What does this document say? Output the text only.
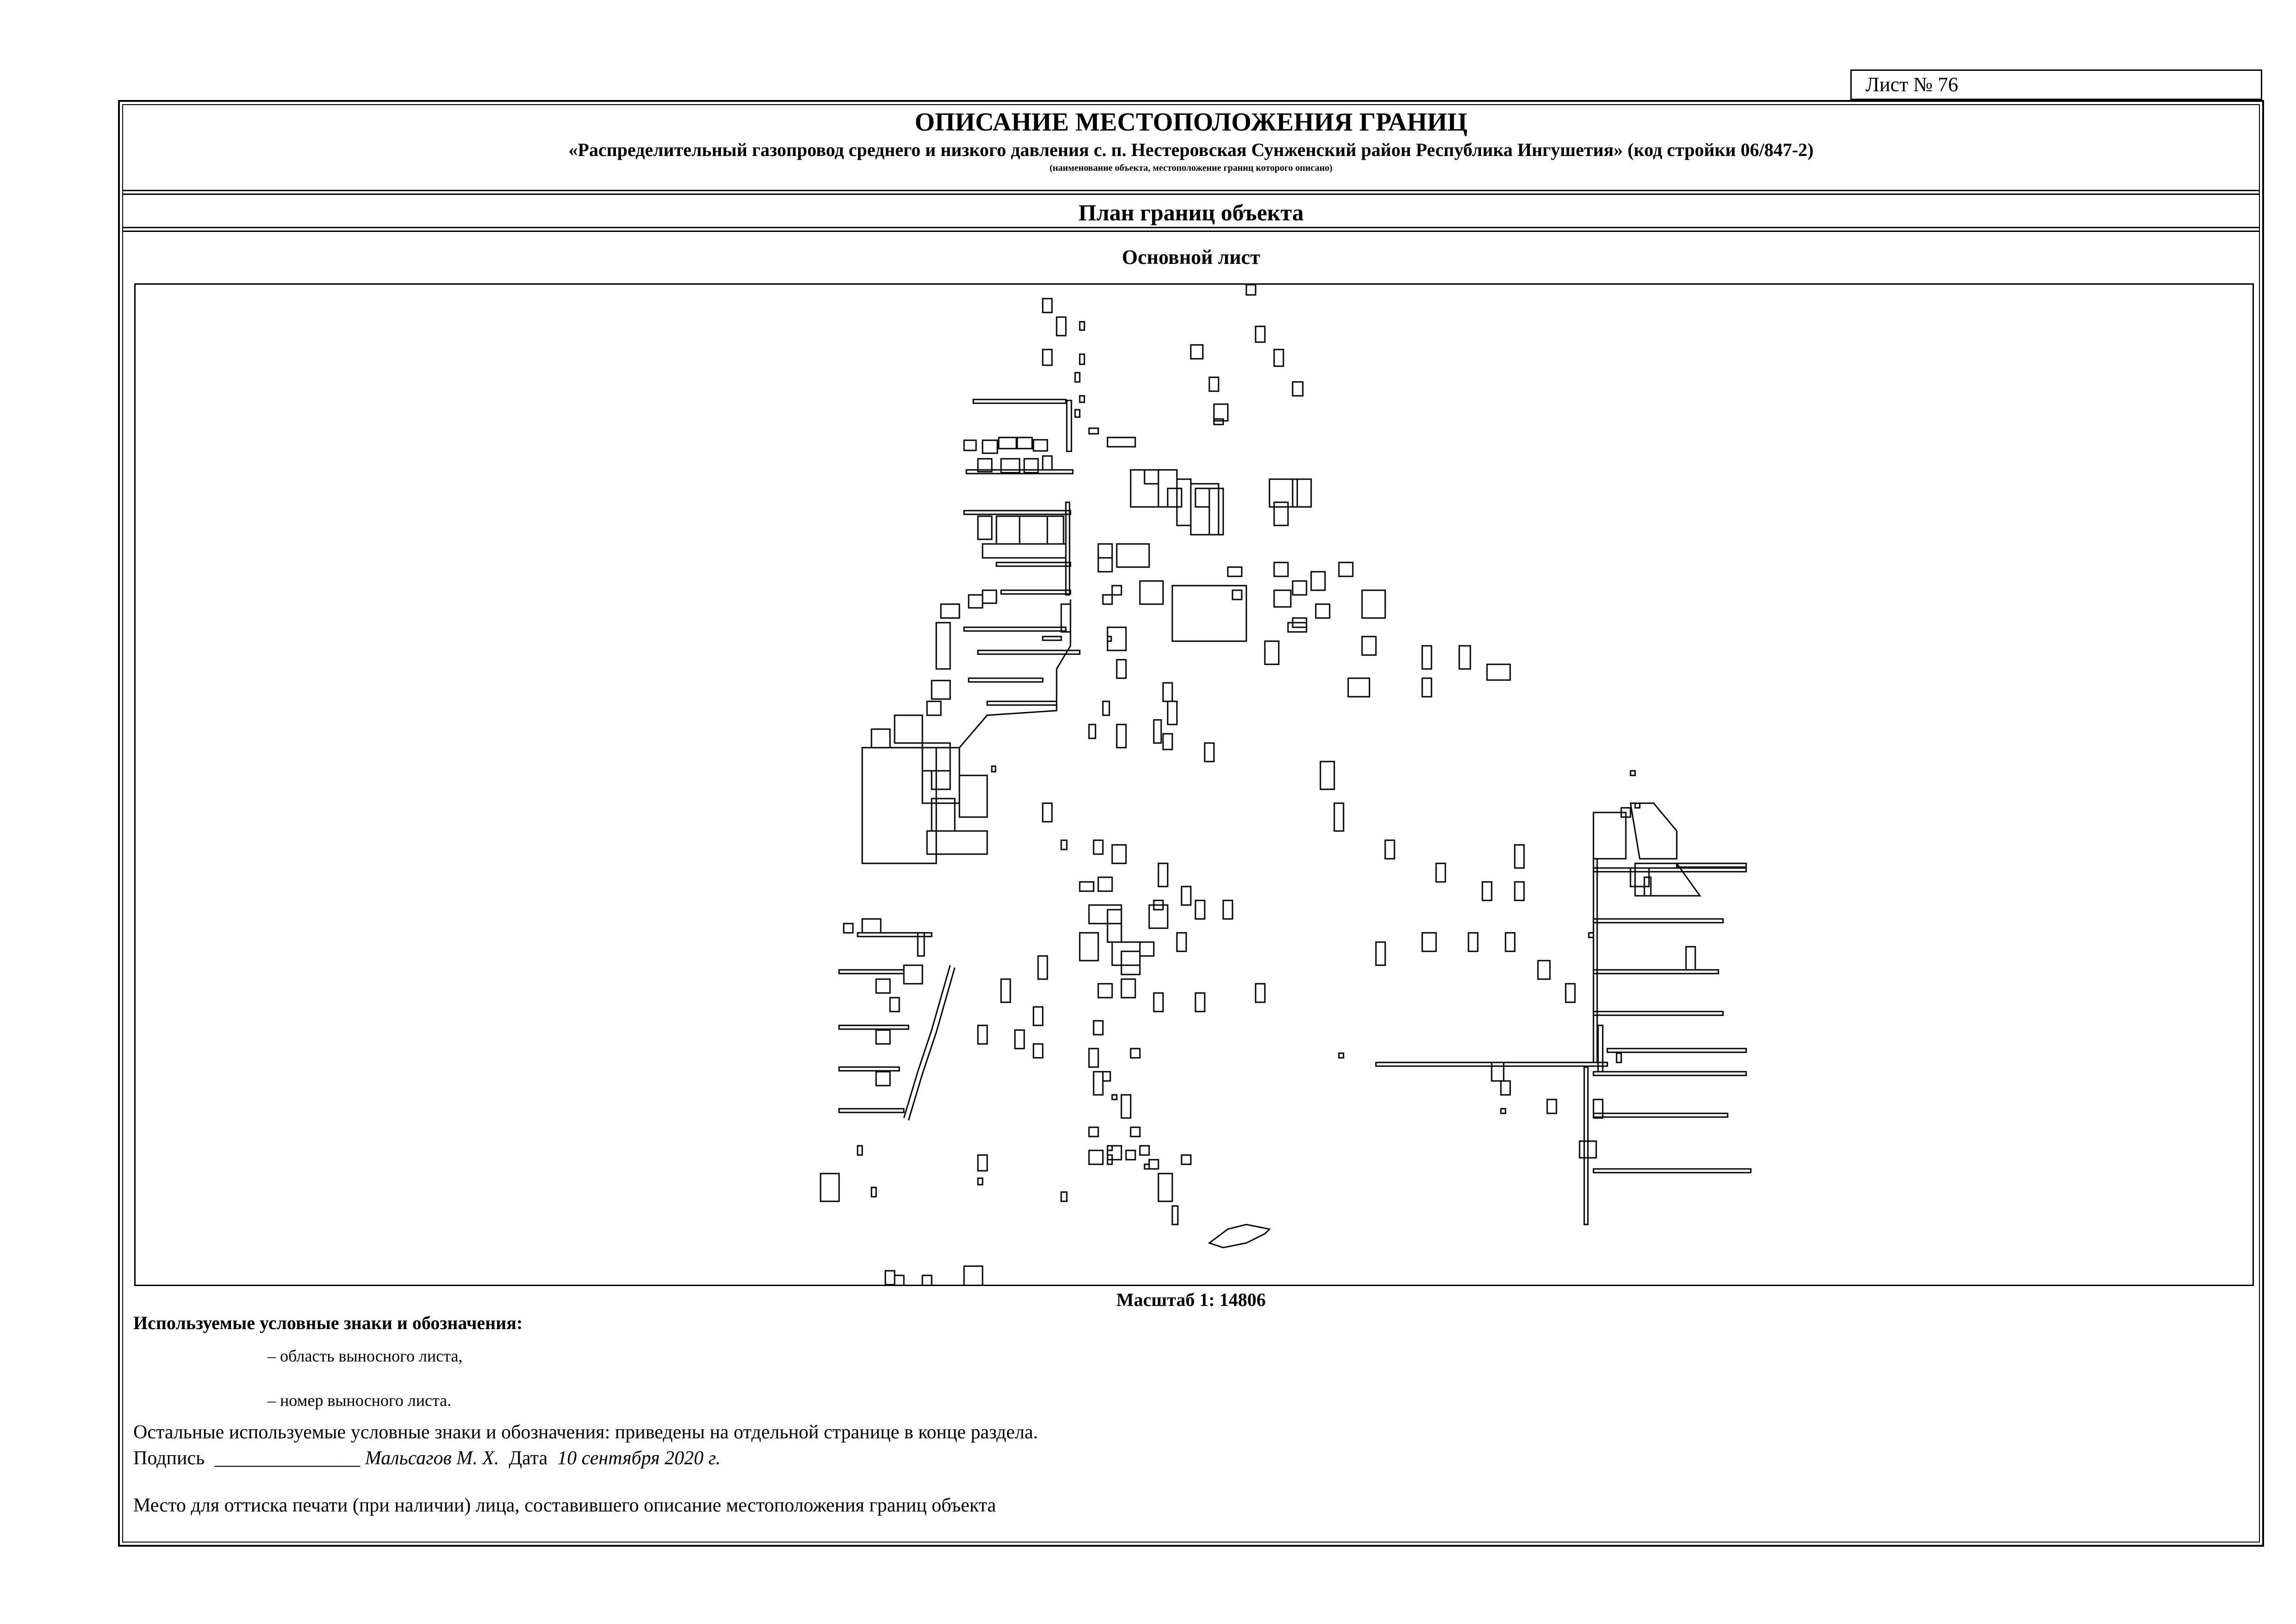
Лист № 76
ОПИСАНИЕ МЕСТОПОЛОЖЕНИЯ ГРАНИЦ
«Распределительный газопровод среднего и низкого давления с. п. Нестеровская Сунженский район Республика Ингушетия» (код стройки 06/847-2)
(наименование объекта, местоположение границ которого описано)
План границ объекта
Основной лист
Масштаб 1: 14806
Используемые условные знаки и обозначения:
– область выносного листа,
– номер выносного листа.
Остальные используемые условные знаки и обозначения: приведены на отдельной странице в конце раздела.
Подпись _______________ Мальсагов М. Х. Дата 10 сентября 2020 г.
Место для оттиска печати (при наличии) лица, составившего описание местоположения границ объекта
